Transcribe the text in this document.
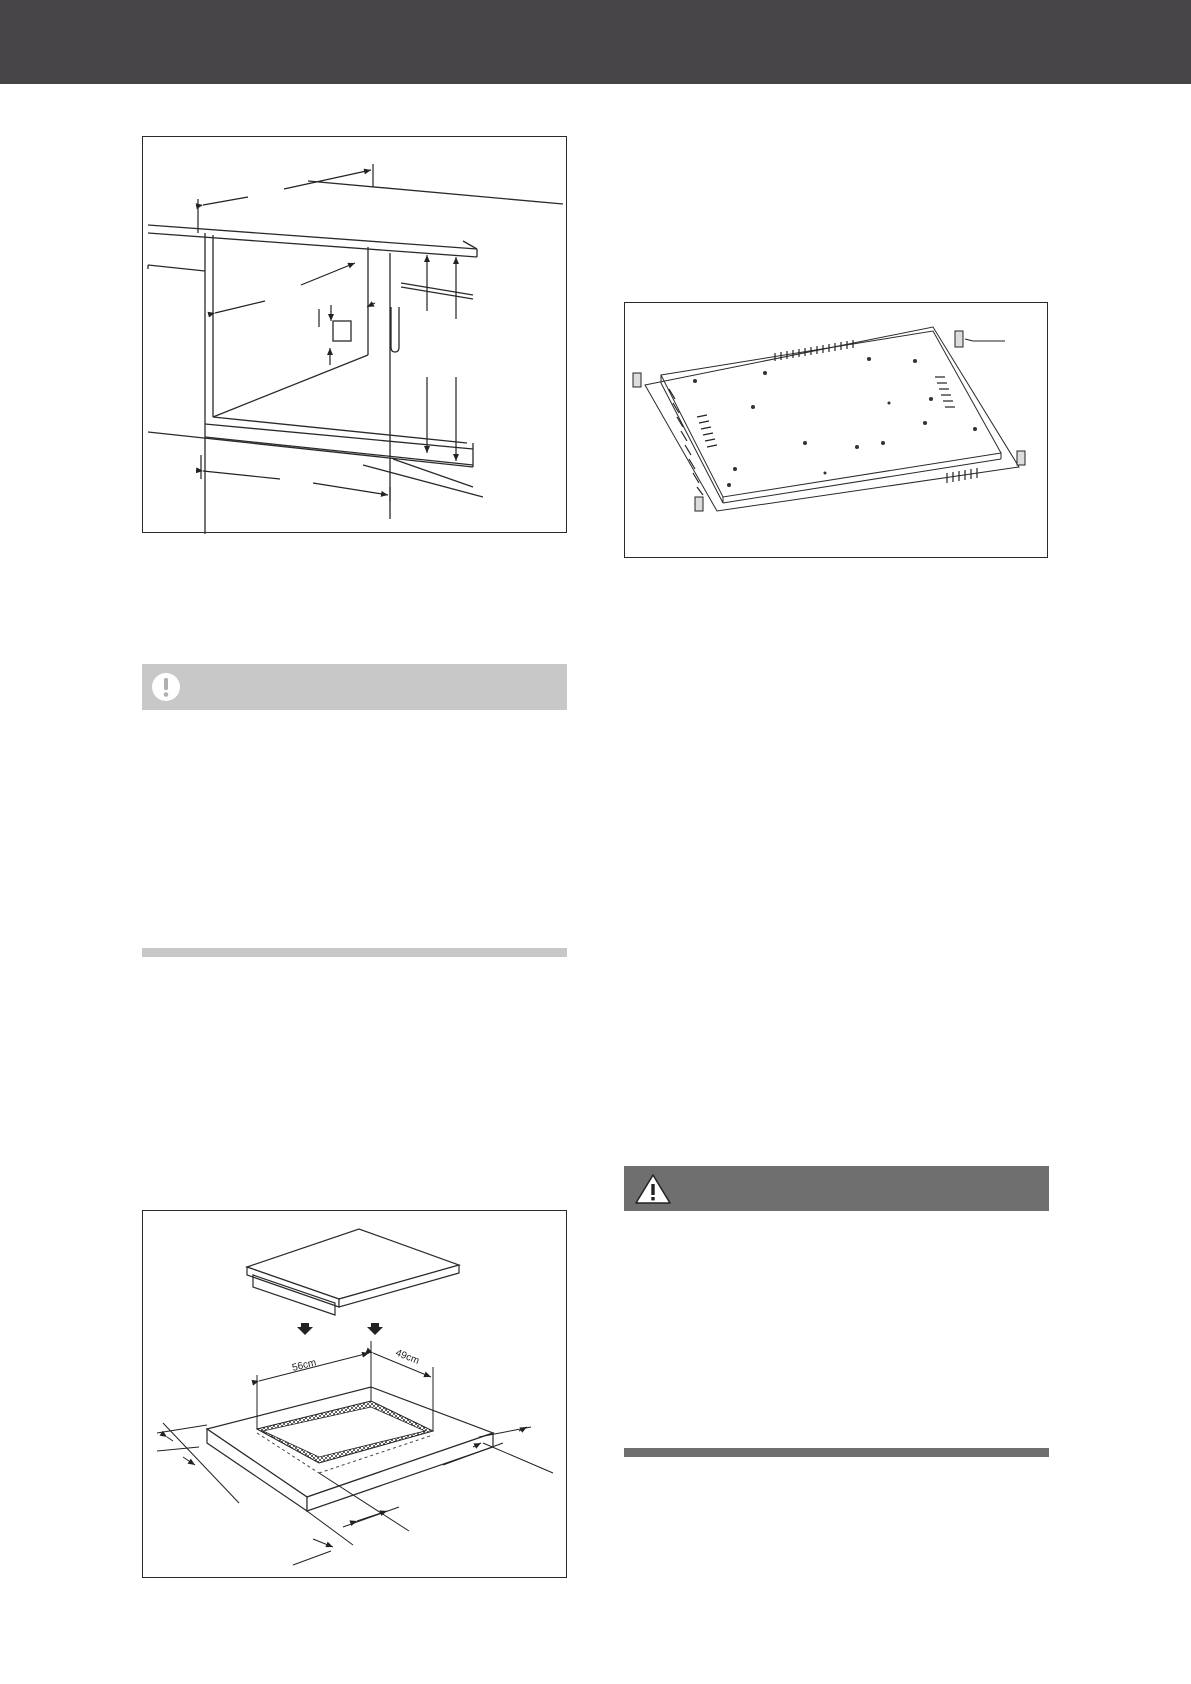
56cm	49cm
